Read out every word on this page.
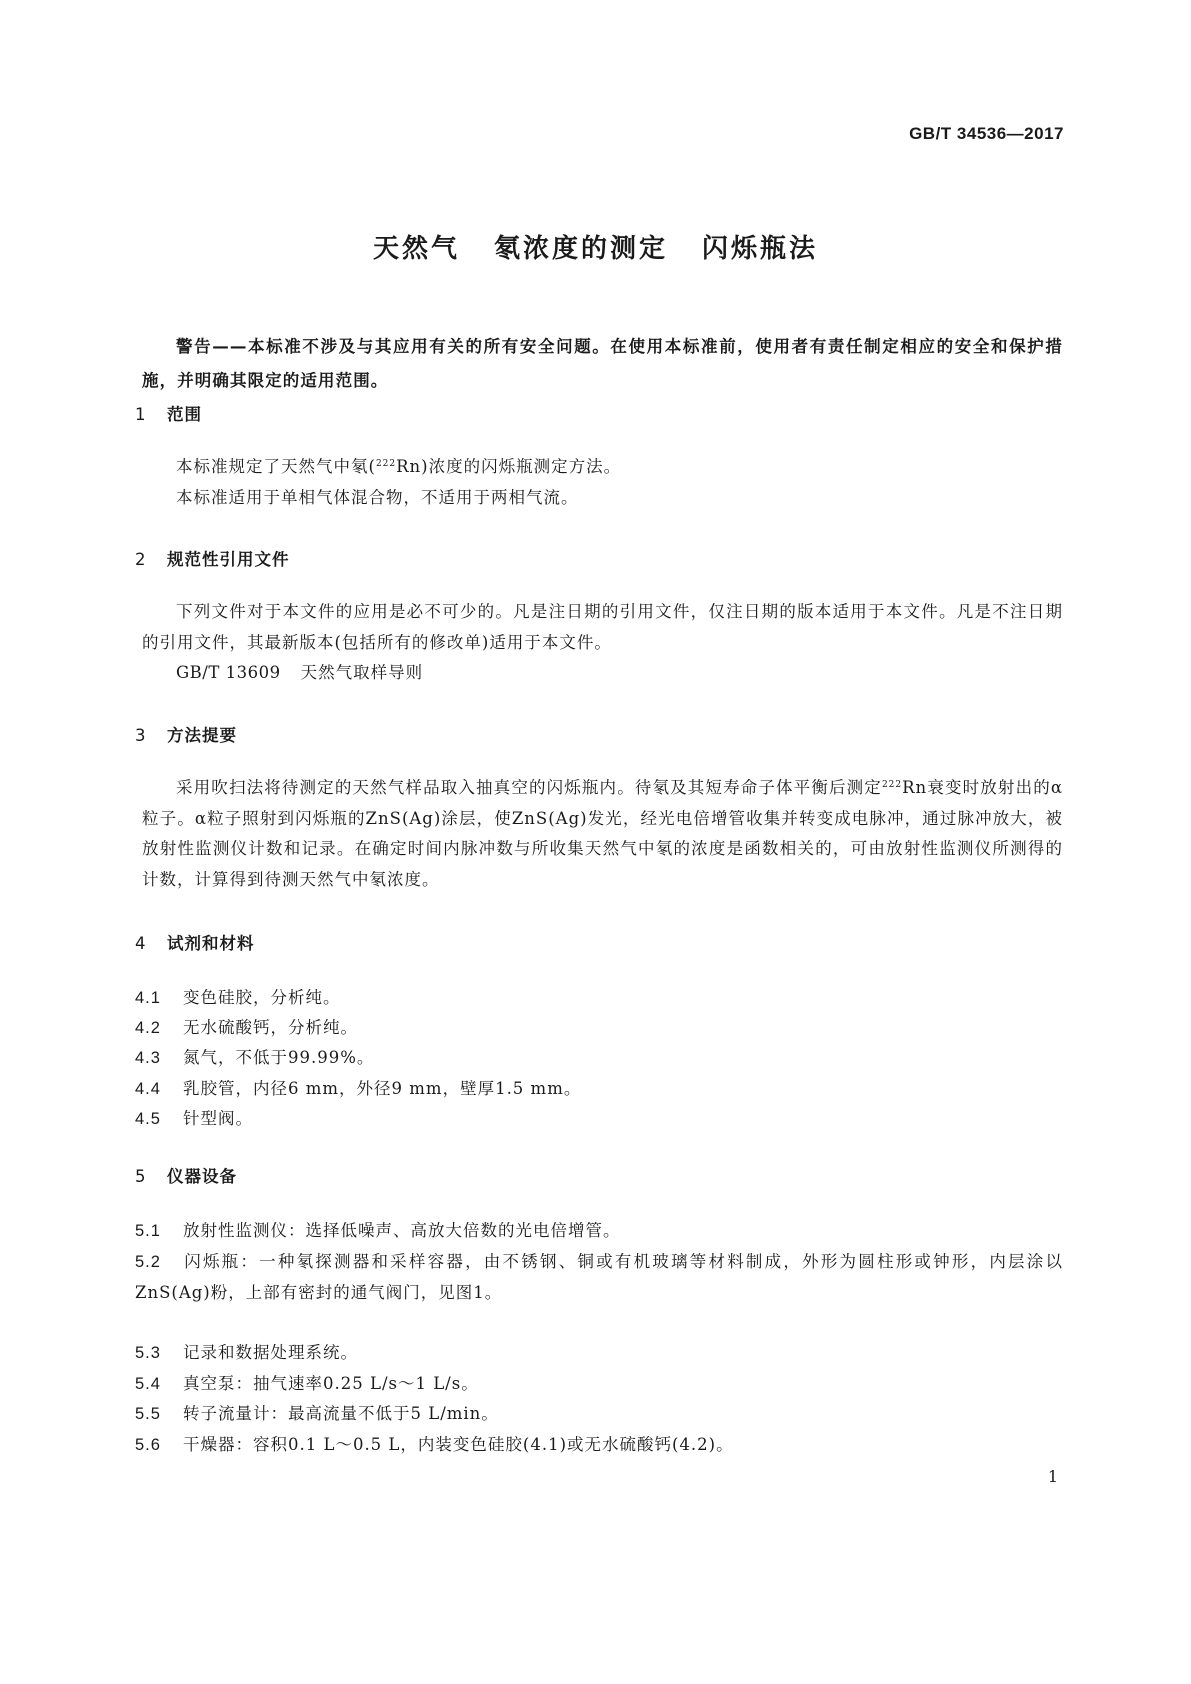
GB/T 34536—2017
天然气 氡浓度的测定 闪烁瓶法
警告——本标准不涉及与其应用有关的所有安全问题。在使用本标准前，使用者有责任制定相应的安全和保护措施，并明确其限定的适用范围。
1 范围
本标准规定了天然气中氡($^{222}$Rn)浓度的闪烁瓶测定方法。
本标准适用于单相气体混合物，不适用于两相气流。
2 规范性引用文件
下列文件对于本文件的应用是必不可少的。凡是注日期的引用文件，仅注日期的版本适用于本文件。凡是不注日期的引用文件，其最新版本(包括所有的修改单)适用于本文件。
GB/T 13609 天然气取样导则
3 方法提要
采用吹扫法将待测定的天然气样品取入抽真空的闪烁瓶内。待氡及其短寿命子体平衡后测定$^{222}$Rn衰变时放射出的α粒子。α粒子照射到闪烁瓶的ZnS(Ag)涂层，使ZnS(Ag)发光，经光电倍增管收集并转变成电脉冲，通过脉冲放大，被放射性监测仪计数和记录。在确定时间内脉冲数与所收集天然气中氡的浓度是函数相关的，可由放射性监测仪所测得的计数，计算得到待测天然气中氡浓度。
4 试剂和材料
4.1 变色硅胶，分析纯。
4.2 无水硫酸钙，分析纯。
4.3 氮气，不低于99.99%。
4.4 乳胶管，内径6 mm，外径9 mm，壁厚1.5 mm。
4.5 针型阀。
5 仪器设备
5.1 放射性监测仪：选择低噪声、高放大倍数的光电倍增管。
5.2 闪烁瓶：一种氡探测器和采样容器，由不锈钢、铜或有机玻璃等材料制成，外形为圆柱形或钟形，内层涂以ZnS(Ag)粉，上部有密封的通气阀门，见图1。
5.3 记录和数据处理系统。
5.4 真空泵：抽气速率0.25 L/s～1 L/s。
5.5 转子流量计：最高流量不低于5 L/min。
5.6 干燥器：容积0.1 L～0.5 L，内装变色硅胶(4.1)或无水硫酸钙(4.2)。
1
